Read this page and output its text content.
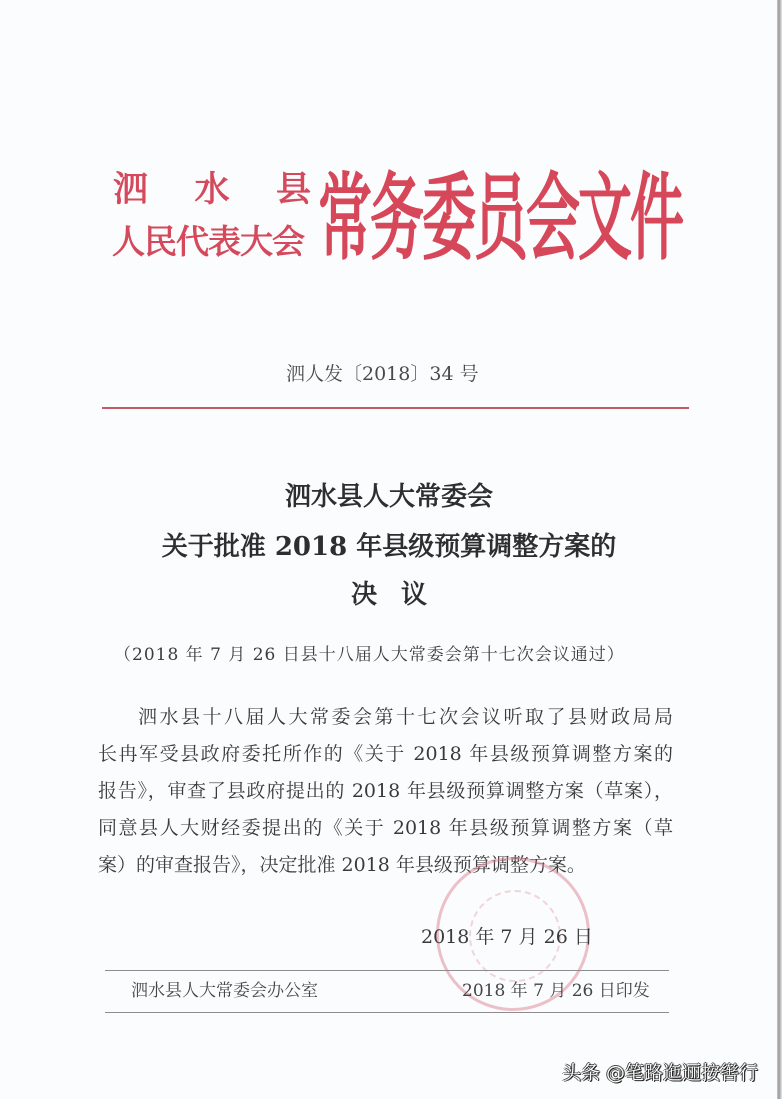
泗 水 县
人民代表大会 常
务
委
员
会
文
件
泗人发〔2018〕34 号
泗水县人大常委会
关于批准 2018 年县级预算调整方案的
决议
（2018 年 7 月 26 日县十八届人大常委会第十七次会议通过）
泗水县十八届人大常委会第十七次会议听取了县财政局局
长冉军受县政府委托所作的《关于 2018 年县级预算调整方案的
报告》，审查了县政府提出的 2018 年县级预算调整方案（草案），
同意县人大财经委提出的《关于 2018 年县级预算调整方案（草
案）的审查报告》，决定批准 2018 年县级预算调整方案。
2018 年 7 月 26 日
泗水县人大常委会办公室	2018 年 7 月 26 日印发
头条 @笔路迤逦按辔行
